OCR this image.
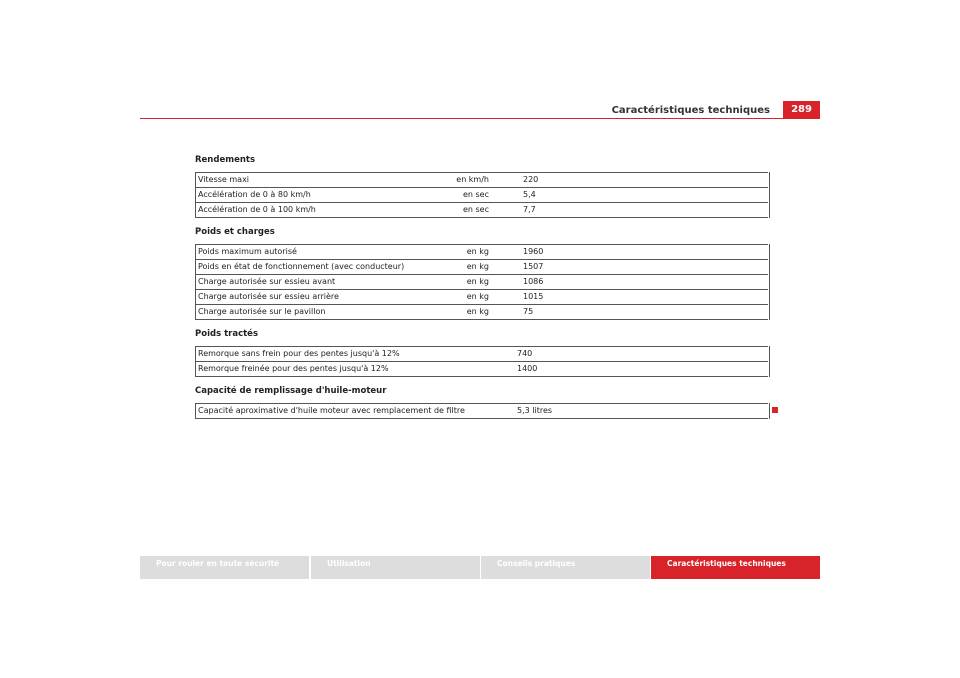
Caractéristiques techniques	289
Rendements
Vitesse maxi	en km/h	220
Accélération de 0 à 80 km/h	en sec	5,4
Accélération de 0 à 100 km/h	en sec	7,7
Poids et charges
Poids maximum autorisé	en kg	1960
Poids en état de fonctionnement (avec conducteur)	en kg	1507
Charge autorisée sur essieu avant	en kg	1086
Charge autorisée sur essieu arrière	en kg	1015
Charge autorisée sur le pavillon	en kg	75
Poids tractés
Remorque sans frein pour des pentes jusqu'à 12%	740
Remorque freinée pour des pentes jusqu'à 12%	1400
Capacité de remplissage d'huile-moteur
Capacité aproximative d'huile moteur avec remplacement de filtre	5,3 litres
Pour rouler en toute sécurité	Utilisation	Conseils pratiques	Caractéristiques techniques
